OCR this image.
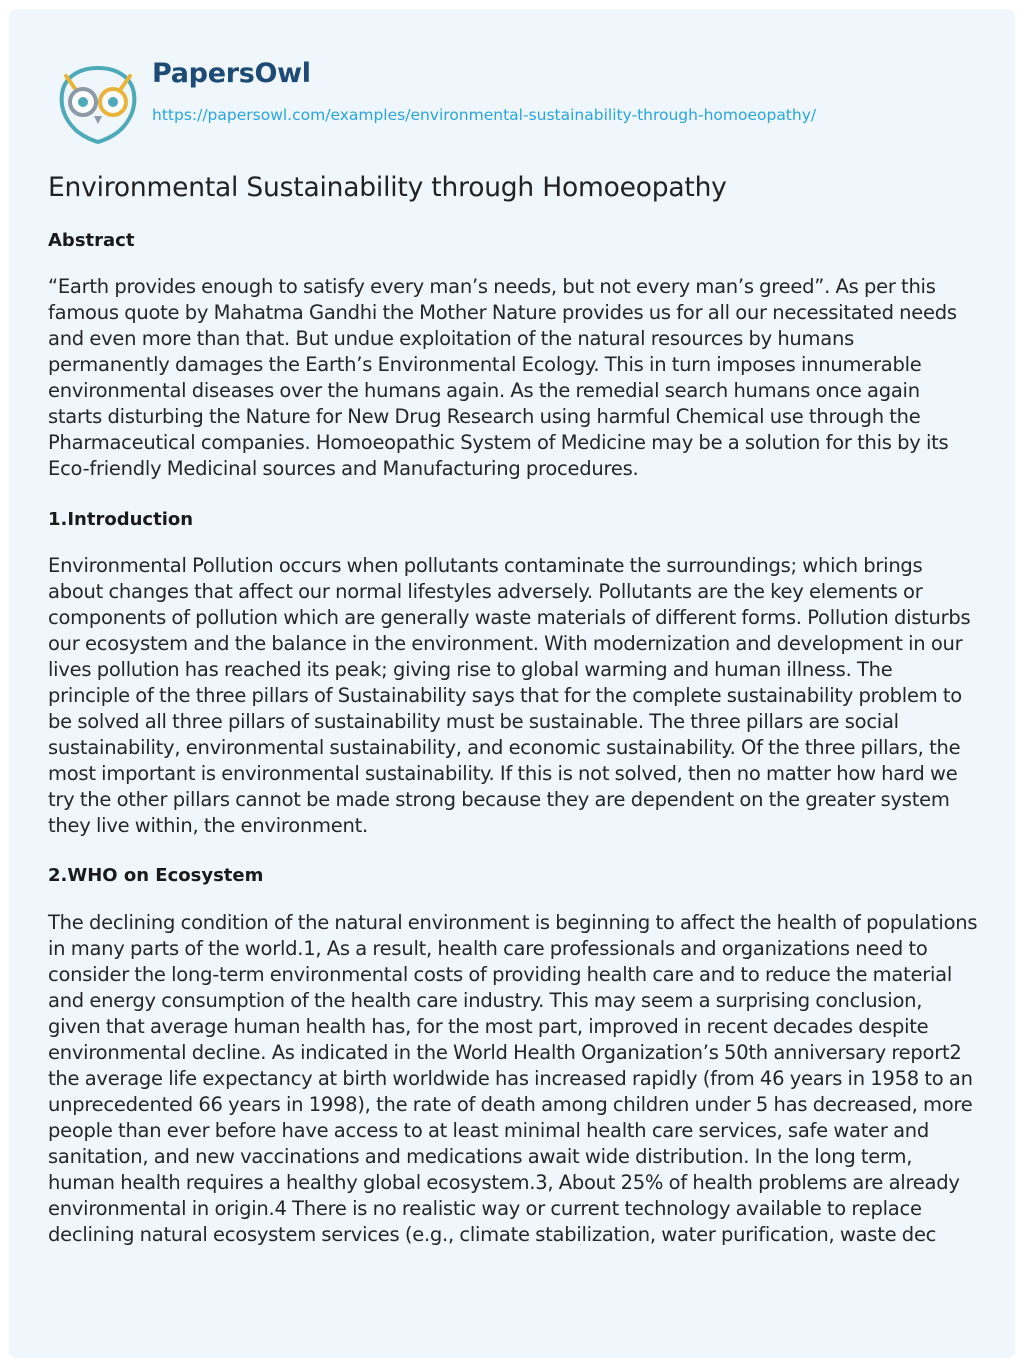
PapersOwl
https://papersowl.com/examples/environmental-sustainability-through-homoeopathy/
Environmental Sustainability through Homoeopathy
Abstract

“Earth provides enough to satisfy every man’s needs, but not every man’s greed”. As per this famous quote by Mahatma Gandhi the Mother Nature provides us for all our necessitated needs and even more than that. But undue exploitation of the natural resources by humans permanently damages the Earth’s Environmental Ecology. This in turn imposes innumerable environmental diseases over the humans again. As the remedial search humans once again starts disturbing the Nature for New Drug Research using harmful Chemical use through the Pharmaceutical companies. Homoeopathic System of Medicine may be a solution for this by its Eco-friendly Medicinal sources and Manufacturing procedures.

1.Introduction

Environmental Pollution occurs when pollutants contaminate the surroundings; which brings about changes that affect our normal lifestyles adversely. Pollutants are the key elements or components of pollution which are generally waste materials of different forms. Pollution disturbs our ecosystem and the balance in the environment. With modernization and development in our lives pollution has reached its peak; giving rise to global warming and human illness. The principle of the three pillars of Sustainability says that for the complete sustainability problem to be solved all three pillars of sustainability must be sustainable. The three pillars are social sustainability, environmental sustainability, and economic sustainability. Of the three pillars, the most important is environmental sustainability. If this is not solved, then no matter how hard we try the other pillars cannot be made strong because they are dependent on the greater system they live within, the environment.

2.WHO on Ecosystem

The declining condition of the natural environment is beginning to affect the health of populations in many parts of the world.1, As a result, health care professionals and organizations need to consider the long-term environmental costs of providing health care and to reduce the material and energy consumption of the health care industry. This may seem a surprising conclusion, given that average human health has, for the most part, improved in recent decades despite environmental decline. As indicated in the World Health Organization’s 50th anniversary report2 the average life expectancy at birth worldwide has increased rapidly (from 46 years in 1958 to an unprecedented 66 years in 1998), the rate of death among children under 5 has decreased, more people than ever before have access to at least minimal health care services, safe water and sanitation, and new vaccinations and medications await wide distribution. In the long term, human health requires a healthy global ecosystem.3, About 25% of health problems are already environmental in origin.4 There is no realistic way or current technology available to replace declining natural ecosystem services (e.g., climate stabilization, water purification, waste dec
